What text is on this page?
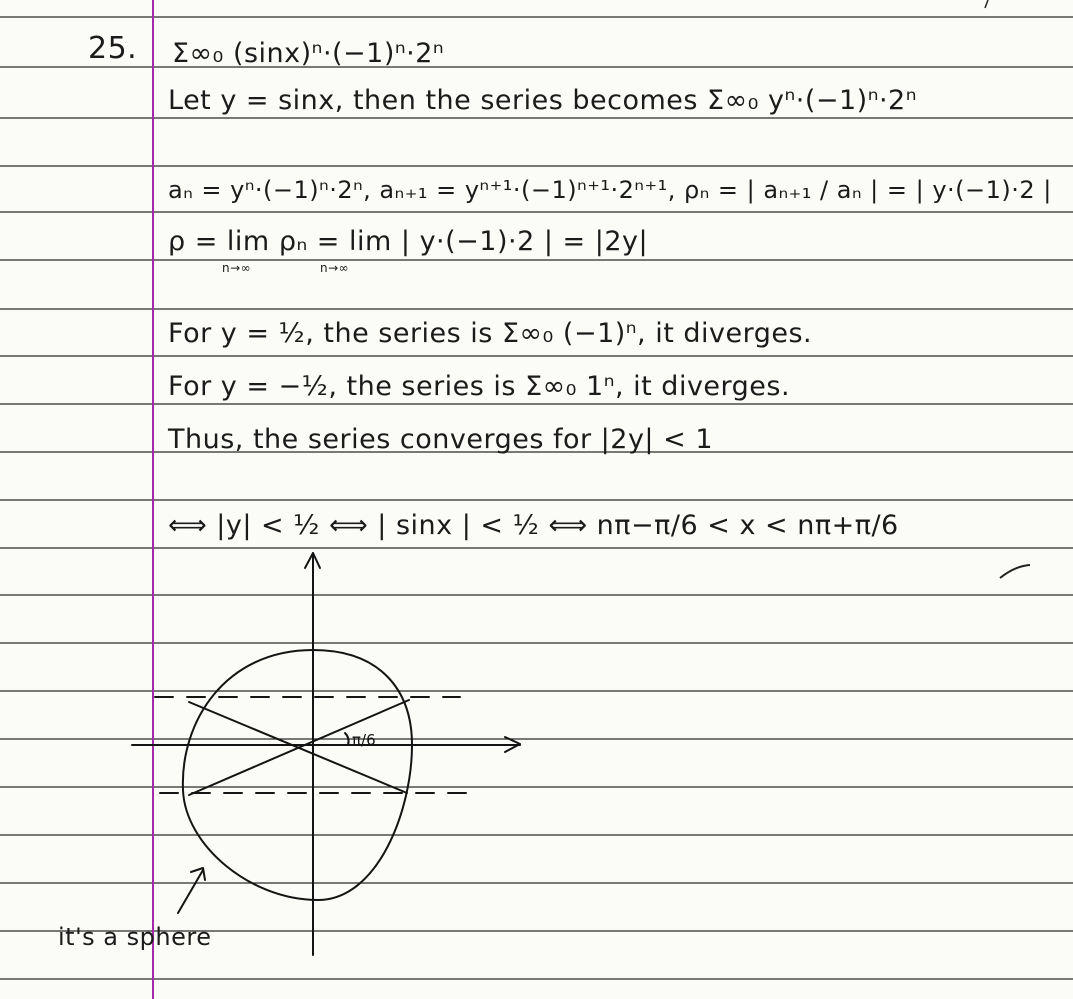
25. Σ∞₀ (sinx)ⁿ·(−1)ⁿ·2ⁿ
Let y = sinx, then the series becomes Σ∞₀ yⁿ·(−1)ⁿ·2ⁿ
aₙ = yⁿ·(−1)ⁿ·2ⁿ, aₙ₊₁ = yⁿ⁺¹·(−1)ⁿ⁺¹·2ⁿ⁺¹, ρₙ = | aₙ₊₁ / aₙ | = | y·(−1)·2 |
ρ = lim ρₙ = lim | y·(−1)·2 | = |2y|
n→∞	n→∞
For y = ½, the series is Σ∞₀ (−1)ⁿ, it diverges.
For y = −½, the series is Σ∞₀ 1ⁿ, it diverges.
Thus, the series converges for |2y| < 1
⟺ |y| < ½ ⟺ | sinx | < ½ ⟺ nπ−π/6 < x < nπ+π/6
π/6
it's a sphere
